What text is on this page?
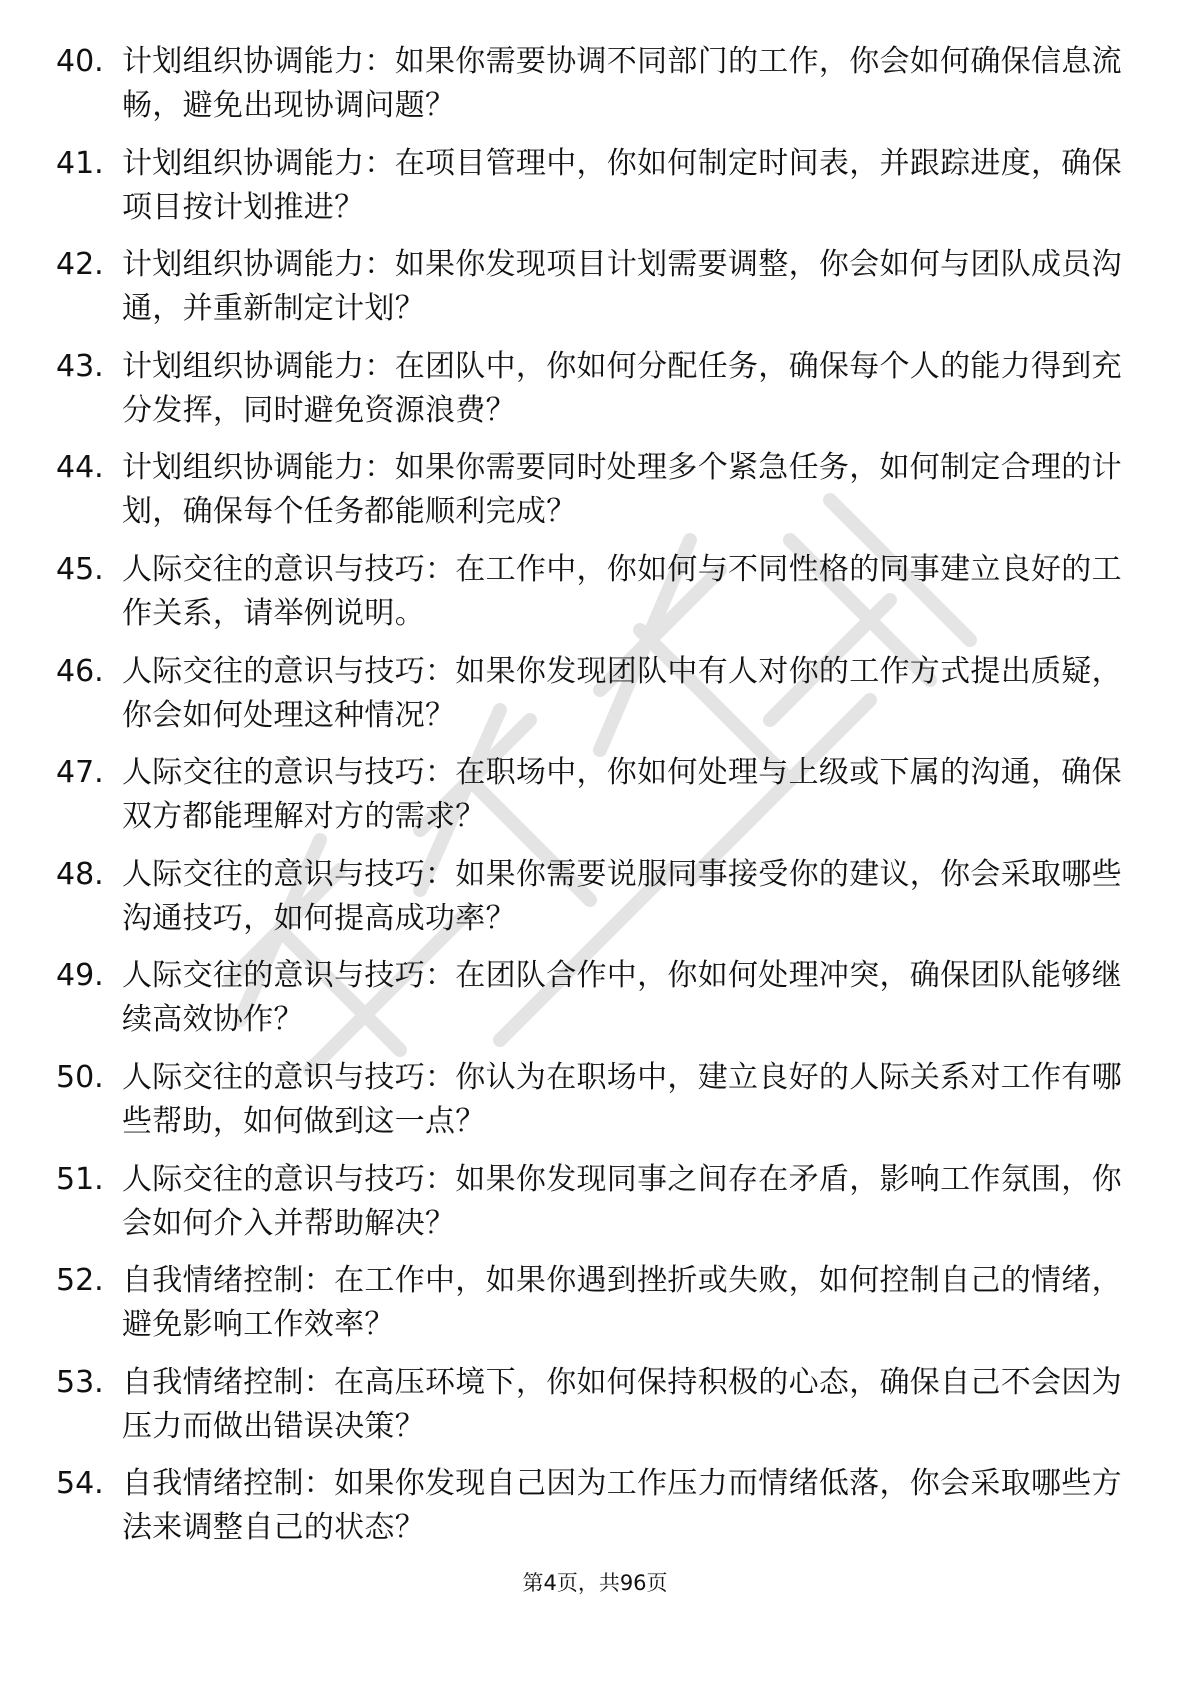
40. 计划组织协调能力：如果你需要协调不同部门的工作，你会如何确保信息流畅，避免出现协调问题？
41. 计划组织协调能力：在项目管理中，你如何制定时间表，并跟踪进度，确保项目按计划推进？
42. 计划组织协调能力：如果你发现项目计划需要调整，你会如何与团队成员沟通，并重新制定计划？
43. 计划组织协调能力：在团队中，你如何分配任务，确保每个人的能力得到充分发挥，同时避免资源浪费？
44. 计划组织协调能力：如果你需要同时处理多个紧急任务，如何制定合理的计划，确保每个任务都能顺利完成？
45. 人际交往的意识与技巧：在工作中，你如何与不同性格的同事建立良好的工作关系，请举例说明。
46. 人际交往的意识与技巧：如果你发现团队中有人对你的工作方式提出质疑，你会如何处理这种情况？
47. 人际交往的意识与技巧：在职场中，你如何处理与上级或下属的沟通，确保双方都能理解对方的需求？
48. 人际交往的意识与技巧：如果你需要说服同事接受你的建议，你会采取哪些沟通技巧，如何提高成功率？
49. 人际交往的意识与技巧：在团队合作中，你如何处理冲突，确保团队能够继续高效协作？
50. 人际交往的意识与技巧：你认为在职场中，建立良好的人际关系对工作有哪些帮助，如何做到这一点？
51. 人际交往的意识与技巧：如果你发现同事之间存在矛盾，影响工作氛围，你会如何介入并帮助解决？
52. 自我情绪控制：在工作中，如果你遇到挫折或失败，如何控制自己的情绪，避免影响工作效率？
53. 自我情绪控制：在高压环境下，你如何保持积极的心态，确保自己不会因为压力而做出错误决策？
54. 自我情绪控制：如果你发现自己因为工作压力而情绪低落，你会采取哪些方法来调整自己的状态？
第4页，共96页
